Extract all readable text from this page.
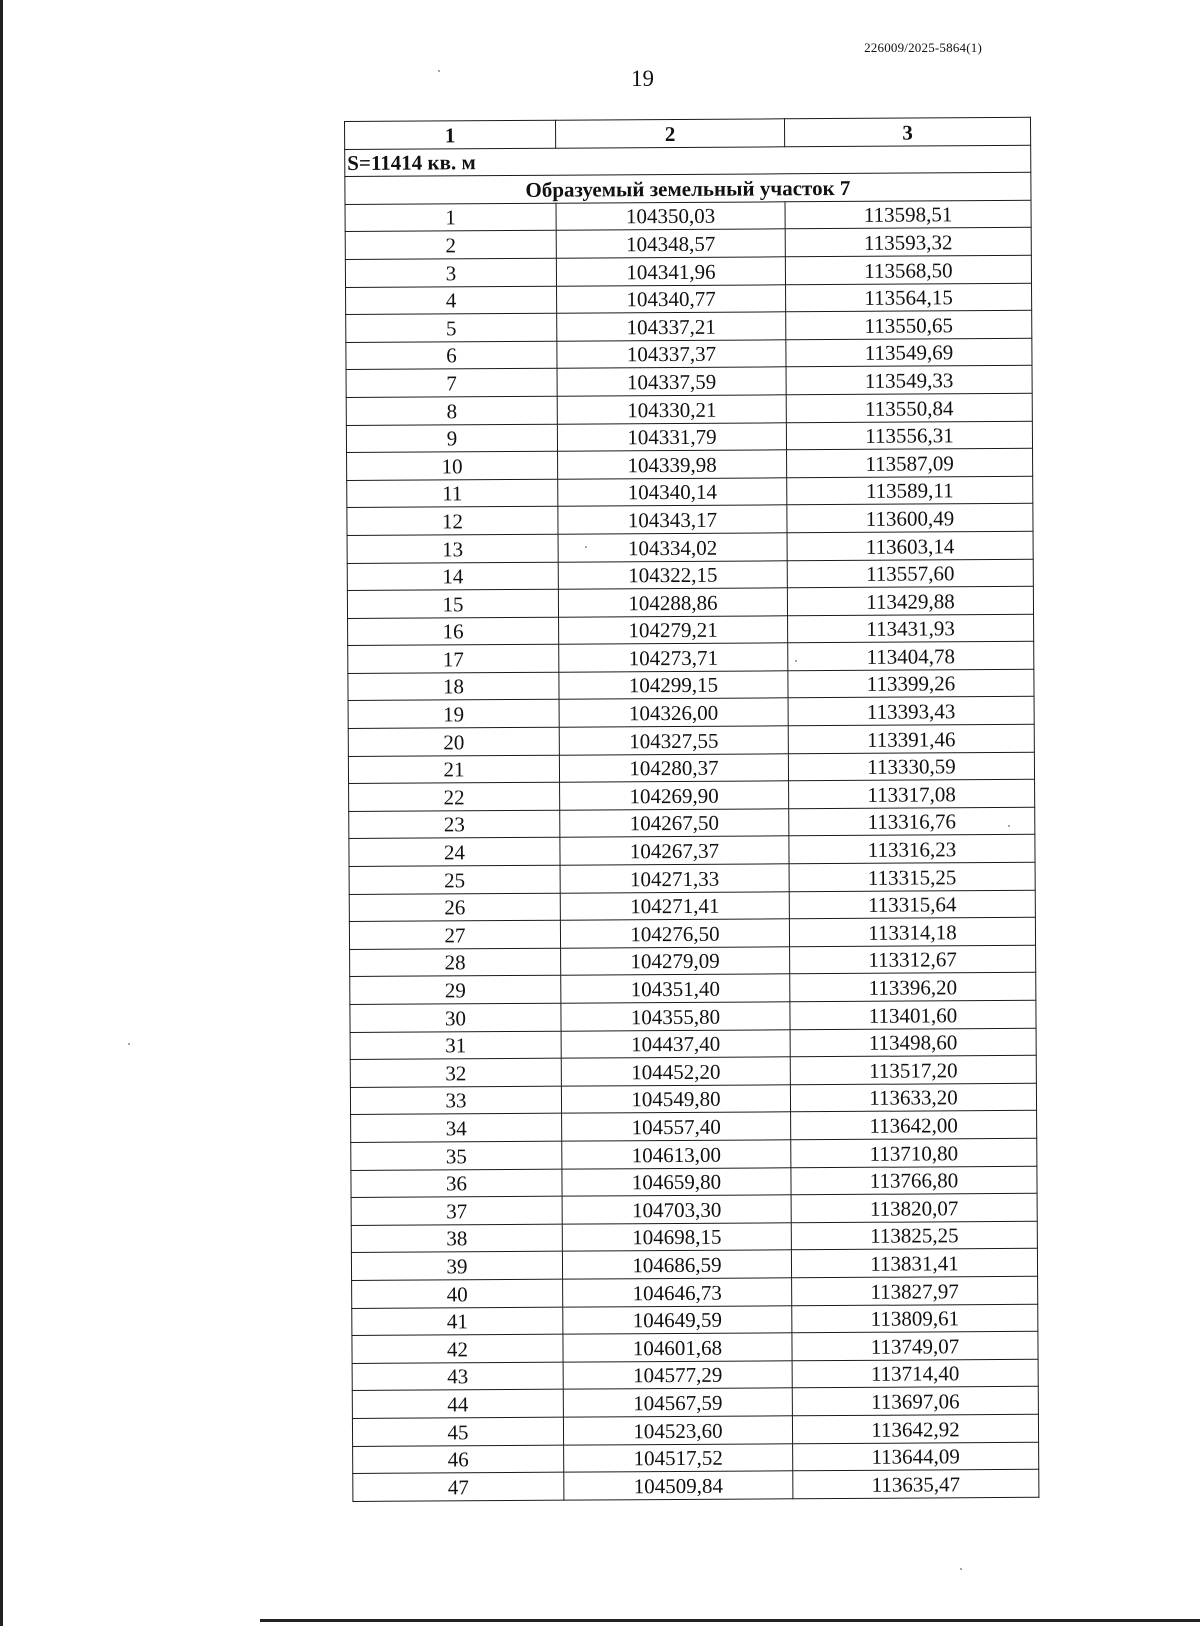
226009/2025-5864(1)
19
1	2	3
S=11414 кв. м		
Образуемый земельный участок 7		
1	104350,03	113598,51
2	104348,57	113593,32
3	104341,96	113568,50
4	104340,77	113564,15
5	104337,21	113550,65
6	104337,37	113549,69
7	104337,59	113549,33
8	104330,21	113550,84
9	104331,79	113556,31
10	104339,98	113587,09
11	104340,14	113589,11
12	104343,17	113600,49
13	104334,02	113603,14
14	104322,15	113557,60
15	104288,86	113429,88
16	104279,21	113431,93
17	104273,71	113404,78
18	104299,15	113399,26
19	104326,00	113393,43
20	104327,55	113391,46
21	104280,37	113330,59
22	104269,90	113317,08
23	104267,50	113316,76
24	104267,37	113316,23
25	104271,33	113315,25
26	104271,41	113315,64
27	104276,50	113314,18
28	104279,09	113312,67
29	104351,40	113396,20
30	104355,80	113401,60
31	104437,40	113498,60
32	104452,20	113517,20
33	104549,80	113633,20
34	104557,40	113642,00
35	104613,00	113710,80
36	104659,80	113766,80
37	104703,30	113820,07
38	104698,15	113825,25
39	104686,59	113831,41
40	104646,73	113827,97
41	104649,59	113809,61
42	104601,68	113749,07
43	104577,29	113714,40
44	104567,59	113697,06
45	104523,60	113642,92
46	104517,52	113644,09
47	104509,84	113635,47
